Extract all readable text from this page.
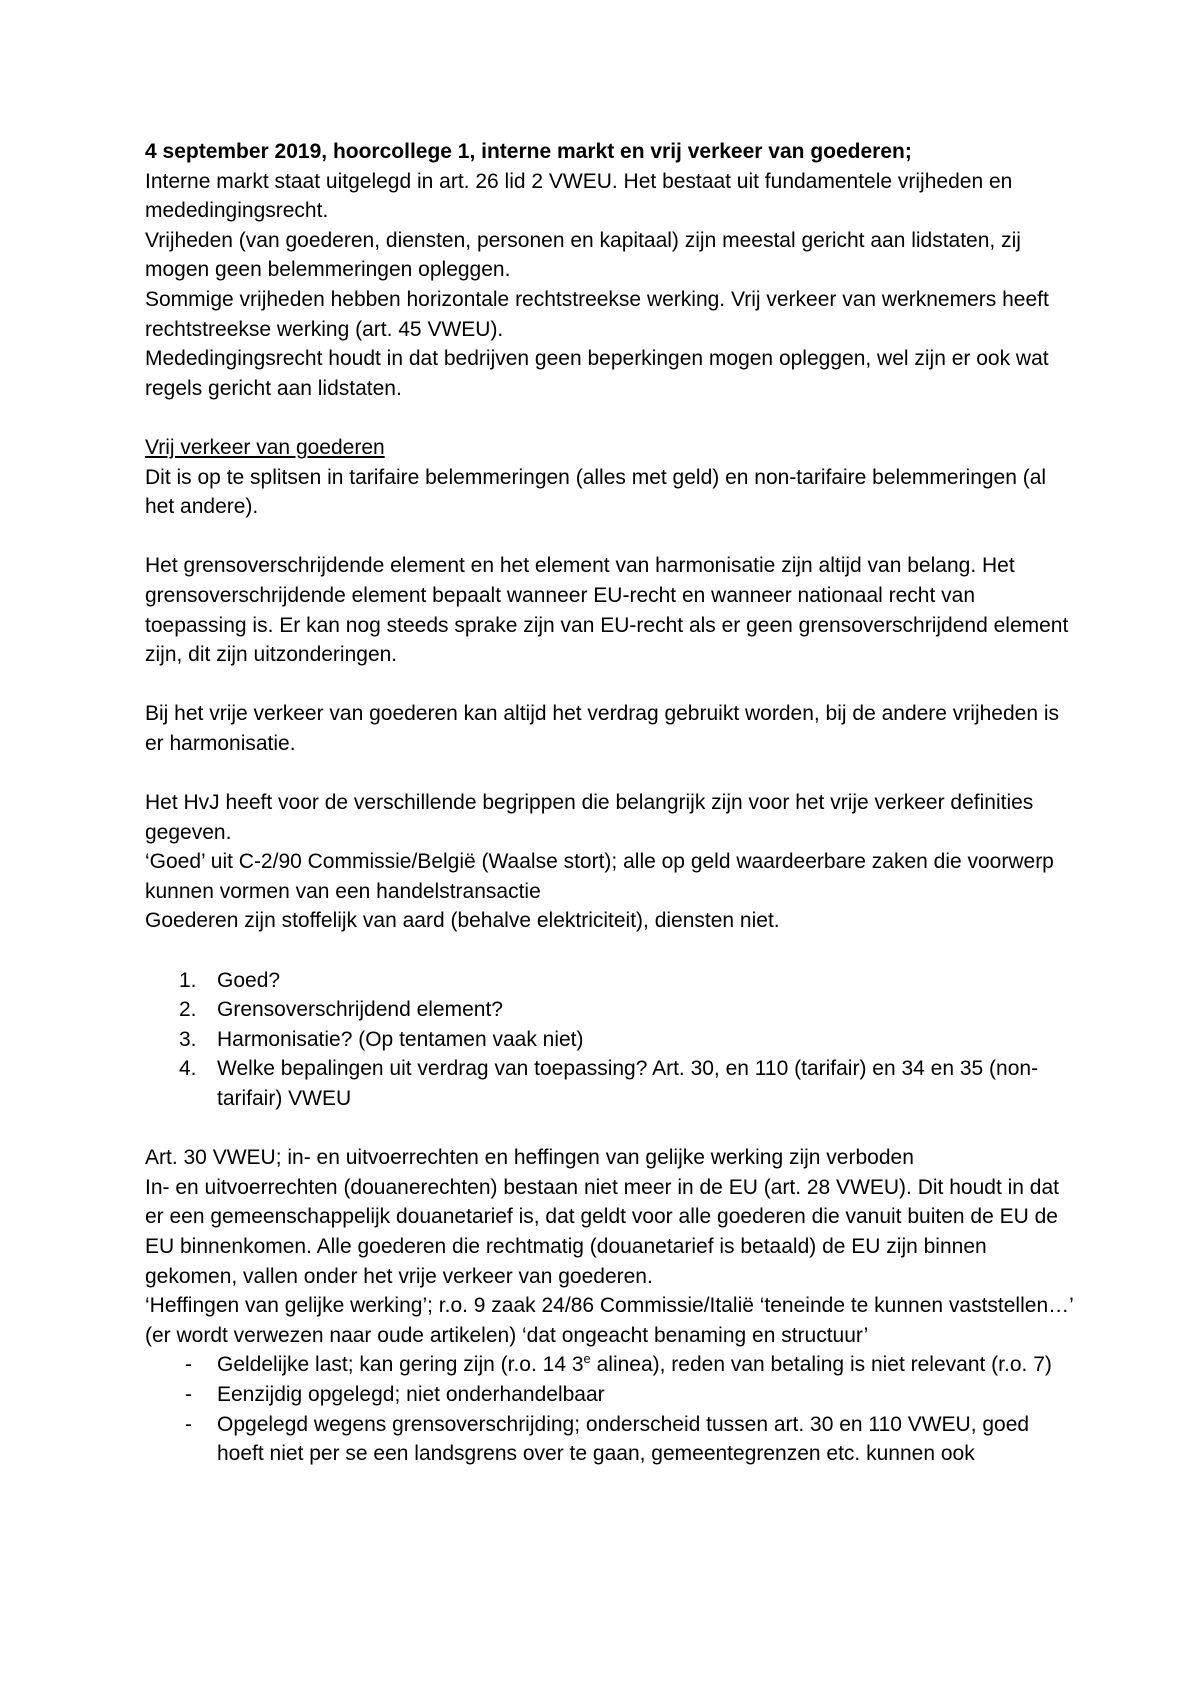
4 september 2019, hoorcollege 1, interne markt en vrij verkeer van goederen;

Interne markt staat uitgelegd in art. 26 lid 2 VWEU. Het bestaat uit fundamentele vrijheden en mededingingsrecht.

Vrijheden (van goederen, diensten, personen en kapitaal) zijn meestal gericht aan lidstaten, zij mogen geen belemmeringen opleggen.

Sommige vrijheden hebben horizontale rechtstreekse werking. Vrij verkeer van werknemers heeft rechtstreekse werking (art. 45 VWEU).

Mededingingsrecht houdt in dat bedrijven geen beperkingen mogen opleggen, wel zijn er ook wat regels gericht aan lidstaten.

Vrij verkeer van goederen

Dit is op te splitsen in tarifaire belemmeringen (alles met geld) en non-tarifaire belemmeringen (al het andere).

Het grensoverschrijdende element en het element van harmonisatie zijn altijd van belang. Het grensoverschrijdende element bepaalt wanneer EU-recht en wanneer nationaal recht van toepassing is. Er kan nog steeds sprake zijn van EU-recht als er geen grensoverschrijdend element zijn, dit zijn uitzonderingen.

Bij het vrije verkeer van goederen kan altijd het verdrag gebruikt worden, bij de andere vrijheden is er harmonisatie.

Het HvJ heeft voor de verschillende begrippen die belangrijk zijn voor het vrije verkeer definities gegeven.

‘Goed’ uit C-2/90 Commissie/België (Waalse stort); alle op geld waardeerbare zaken die voorwerp kunnen vormen van een handelstransactie

Goederen zijn stoffelijk van aard (behalve elektriciteit), diensten niet.

1. Goed?
2. Grensoverschrijdend element?
3. Harmonisatie? (Op tentamen vaak niet)
4. Welke bepalingen uit verdrag van toepassing? Art. 30, en 110 (tarifair) en 34 en 35 (non-tarifair) VWEU

Art. 30 VWEU; in- en uitvoerrechten en heffingen van gelijke werking zijn verboden

In- en uitvoerrechten (douanerechten) bestaan niet meer in de EU (art. 28 VWEU). Dit houdt in dat er een gemeenschappelijk douanetarief is, dat geldt voor alle goederen die vanuit buiten de EU de EU binnenkomen. Alle goederen die rechtmatig (douanetarief is betaald) de EU zijn binnen gekomen, vallen onder het vrije verkeer van goederen.

‘Heffingen van gelijke werking’; r.o. 9 zaak 24/86 Commissie/Italië ‘teneinde te kunnen vaststellen…’ (er wordt verwezen naar oude artikelen) ‘dat ongeacht benaming en structuur’

-	Geldelijke last; kan gering zijn (r.o. 14 3e alinea), reden van betaling is niet relevant (r.o. 7)
-	Eenzijdig opgelegd; niet onderhandelbaar
-	Opgelegd wegens grensoverschrijding; onderscheid tussen art. 30 en 110 VWEU, goed hoeft niet per se een landsgrens over te gaan, gemeentegrenzen etc. kunnen ook
